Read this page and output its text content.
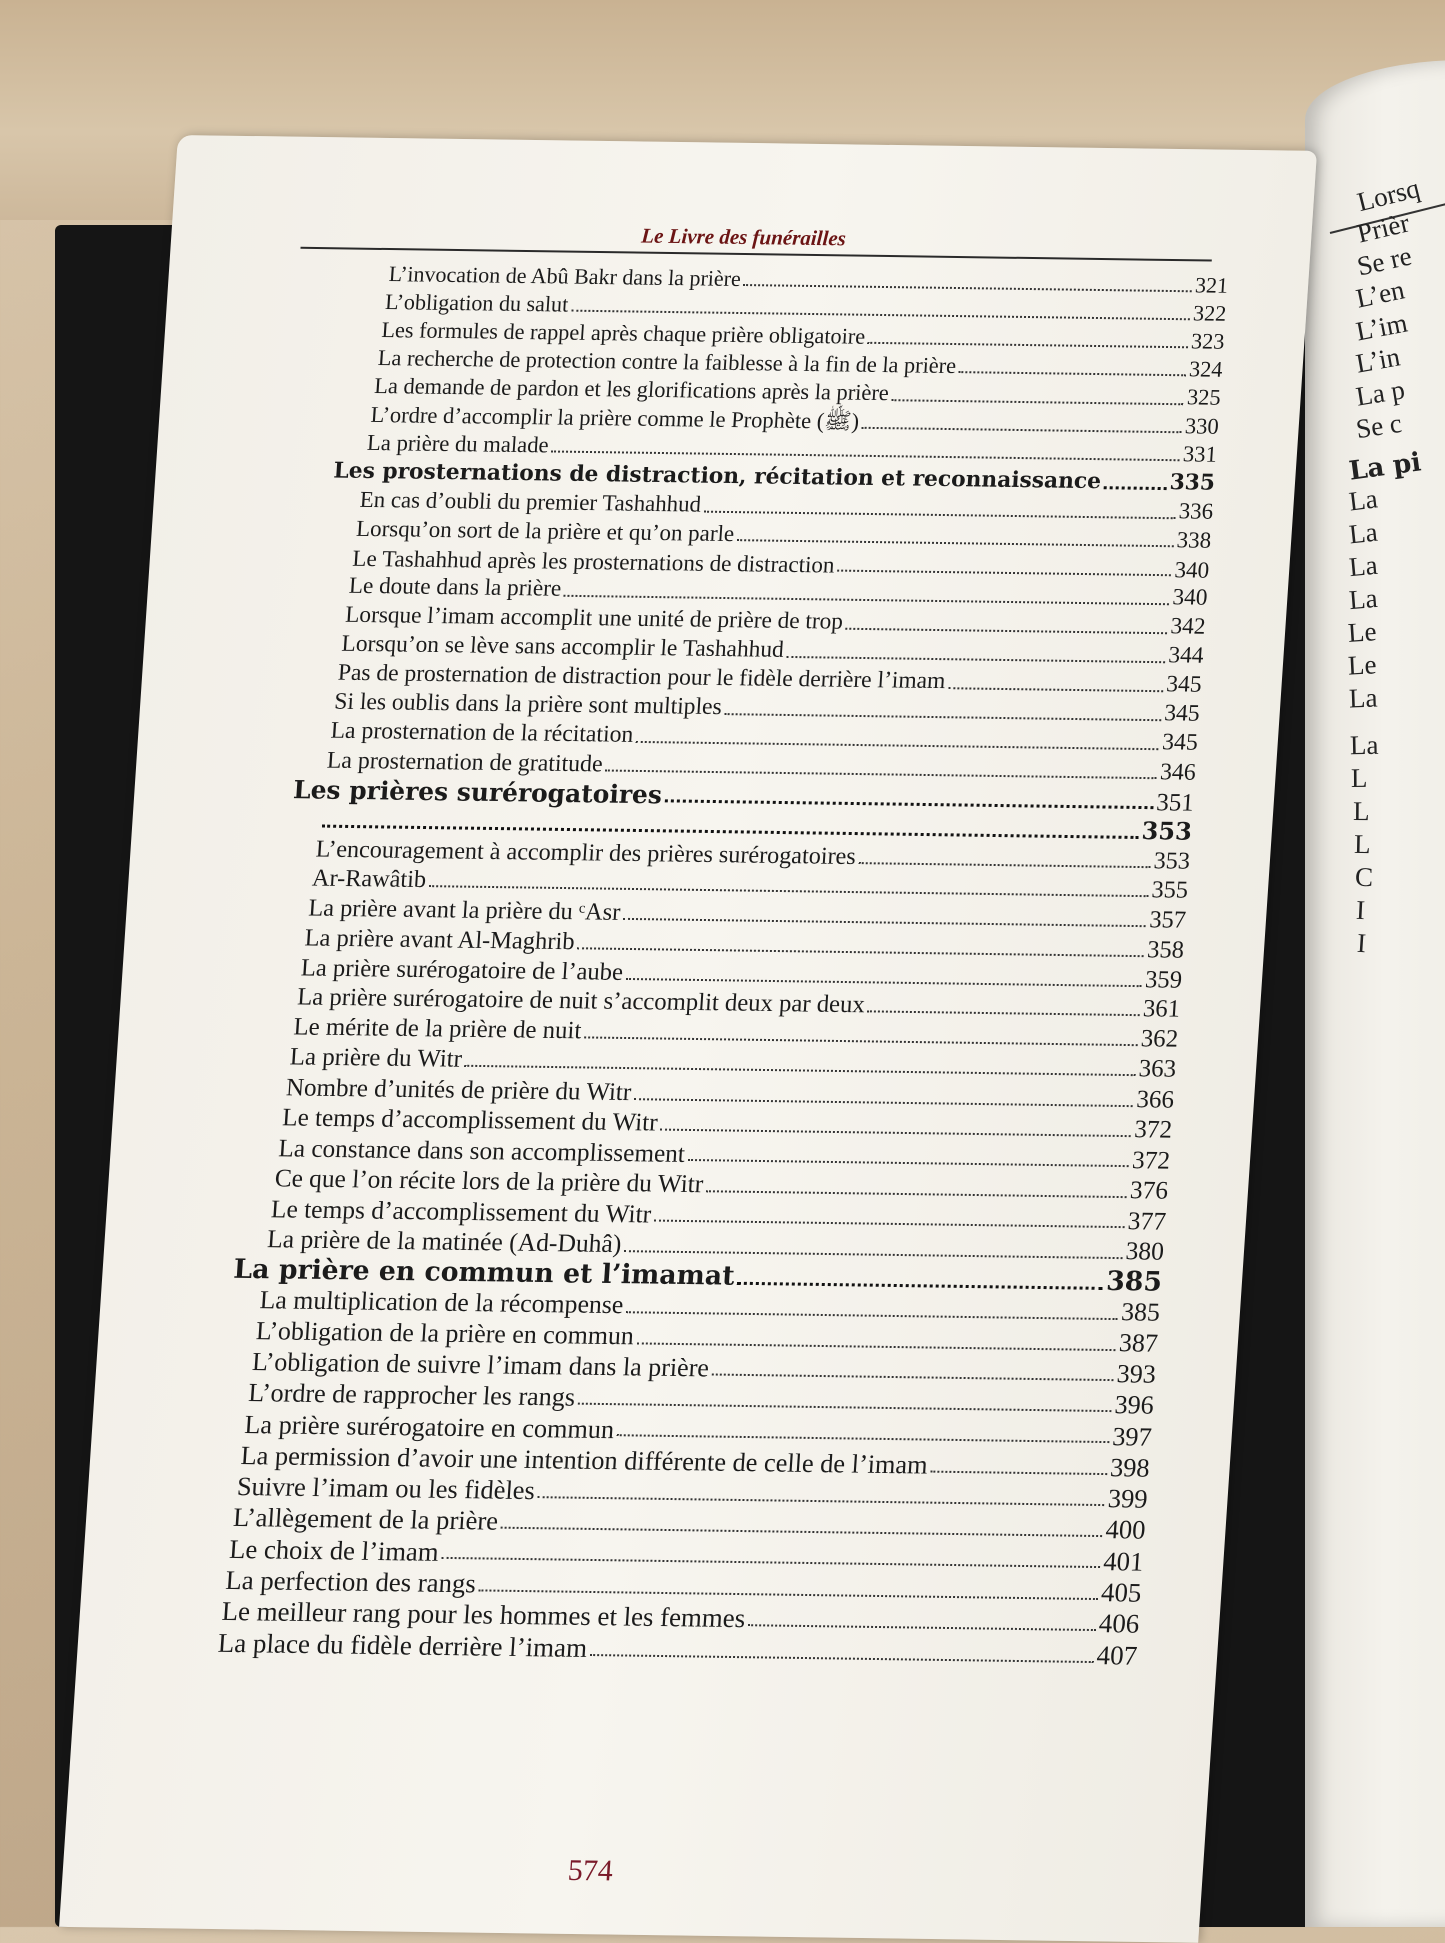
Lorsq
Prièr
Se re
L’en
L’im
L’in
La p
Se c
La pi
La
La
La
La
Le
Le
La
La
L
L
L
C
I
I
Le Livre des funérailles
L’invocation de Abû Bakr dans la prière	321
L’obligation du salut	322
Les formules de rappel après chaque prière obligatoire	323
La recherche de protection contre la faiblesse à la fin de la prière	324
La demande de pardon et les glorifications après la prière	325
L’ordre d’accomplir la prière comme le Prophète (ﷺ)	330
La prière du malade	331
Les prosternations de distraction, récitation et reconnaissance	335
En cas d’oubli du premier Tashahhud	336
Lorsqu’on sort de la prière et qu’on parle	338
Le Tashahhud après les prosternations de distraction	340
Le doute dans la prière	340
Lorsque l’imam accomplit une unité de prière de trop	342
Lorsqu’on se lève sans accomplir le Tashahhud	344
Pas de prosternation de distraction pour le fidèle derrière l’imam	345
Si les oublis dans la prière sont multiples	345
La prosternation de la récitation	345
La prosternation de gratitude	346
Les prières surérogatoires	351
353
L’encouragement à accomplir des prières surérogatoires	353
Ar-Rawâtib	355
La prière avant la prière du ᶜAsr	357
La prière avant Al-Maghrib	358
La prière surérogatoire de l’aube	359
La prière surérogatoire de nuit s’accomplit deux par deux	361
Le mérite de la prière de nuit	362
La prière du Witr	363
Nombre d’unités de prière du Witr	366
Le temps d’accomplissement du Witr	372
La constance dans son accomplissement	372
Ce que l’on récite lors de la prière du Witr	376
Le temps d’accomplissement du Witr	377
La prière de la matinée (Ad-Duhâ)	380
La prière en commun et l’imamat	385
La multiplication de la récompense	385
L’obligation de la prière en commun	387
L’obligation de suivre l’imam dans la prière	393
L’ordre de rapprocher les rangs	396
La prière surérogatoire en commun	397
La permission d’avoir une intention différente de celle de l’imam	398
Suivre l’imam ou les fidèles	399
L’allègement de la prière	400
Le choix de l’imam	401
La perfection des rangs	405
Le meilleur rang pour les hommes et les femmes	406
La place du fidèle derrière l’imam	407
574
